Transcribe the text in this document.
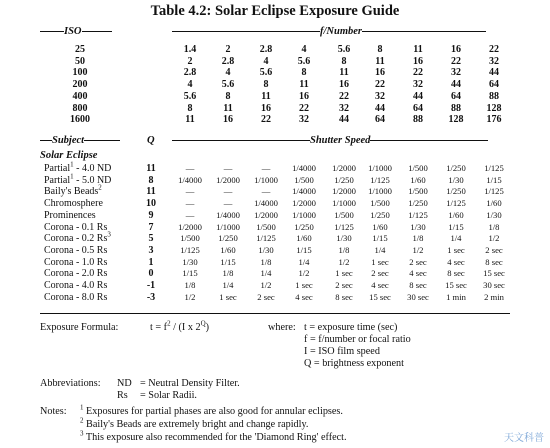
Table 4.2: Solar Eclipse Exposure Guide
ISO	f/Number
25	1.4	2	2.8	4	5.6	8	11	16	22
50	2	2.8	4	5.6	8	11	16	22	32
100	2.8	4	5.6	8	11	16	22	32	44
200	4	5.6	8	11	16	22	32	44	64
400	5.6	8	11	16	22	32	44	64	88
800	8	11	16	22	32	44	64	88	128
1600	11	16	22	32	44	64	88	128	176
Subject	Q	Shutter Speed
Solar Eclipse
Partial$^1$ - 4.0 ND	11	—	—	—	1/4000	1/2000	1/1000	1/500	1/250	1/125
Partial$^1$ - 5.0 ND	8	1/4000	1/2000	1/1000	1/500	1/250	1/125	1/60	1/30	1/15
Baily's Beads$^2$	11	—	—	—	1/4000	1/2000	1/1000	1/500	1/250	1/125
Chromosphere	10	—	—	1/4000	1/2000	1/1000	1/500	1/250	1/125	1/60
Prominences	9	—	1/4000	1/2000	1/1000	1/500	1/250	1/125	1/60	1/30
Corona - 0.1 Rs	7	1/2000	1/1000	1/500	1/250	1/125	1/60	1/30	1/15	1/8
Corona - 0.2 Rs$^3$	5	1/500	1/250	1/125	1/60	1/30	1/15	1/8	1/4	1/2
Corona - 0.5 Rs	3	1/125	1/60	1/30	1/15	1/8	1/4	1/2	1 sec	2 sec
Corona - 1.0 Rs	1	1/30	1/15	1/8	1/4	1/2	1 sec	2 sec	4 sec	8 sec
Corona - 2.0 Rs	0	1/15	1/8	1/4	1/2	1 sec	2 sec	4 sec	8 sec	15 sec
Corona - 4.0 Rs	-1	1/8	1/4	1/2	1 sec	2 sec	4 sec	8 sec	15 sec	30 sec
Corona - 8.0 Rs	-3	1/2	1 sec	2 sec	4 sec	8 sec	15 sec	30 sec	1 min	2 min
Exposure Formula:	$t = f^2 / (I$ x $2^Q$)	where: t = exposure time (sec)
f = f/number or focal ratio
I = ISO film speed
Q = brightness exponent
Abbreviations: ND = Neutral Density Filter.
Rs = Solar Radii.
Notes: $^1$ Exposures for partial phases are also good for annular eclipses.
$^2$ Baily's Beads are extremely bright and change rapidly.
$^3$ This exposure also recommended for the 'Diamond Ring' effect.	天文科普
